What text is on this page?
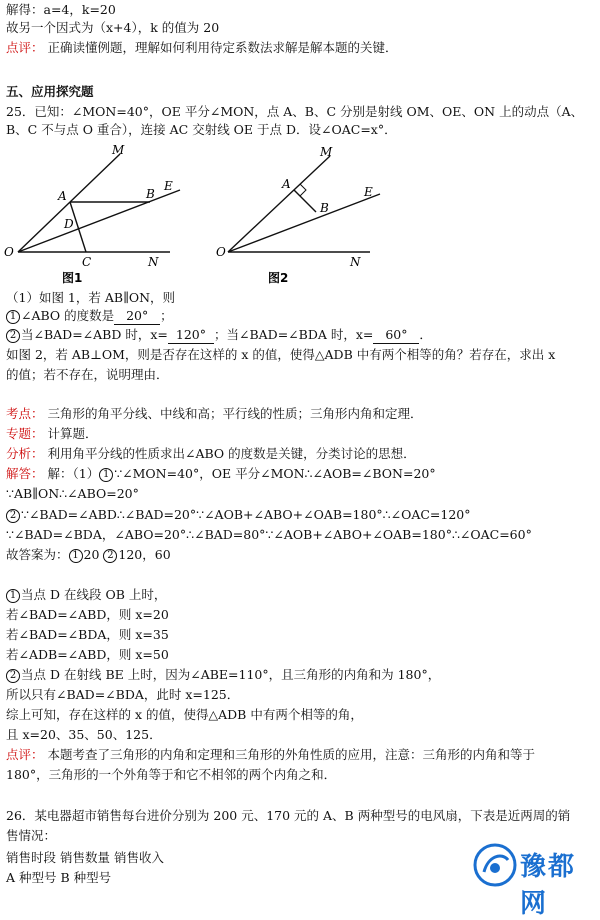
解得：a=4，k=20
故另一个因式为（x+4），k 的值为 20
点评： 正确读懂例题，理解如何利用待定系数法求解是解本题的关键．
五、应用探究题
25．已知：∠MON=40°，OE 平分∠MON，点 A、B、C 分别是射线 OM、OE、ON 上的动点（A、
B、C 不与点 O 重合），连接 AC 交射线 OE 于点 D．设∠OAC=x°．
M
A	B
E
D
O
C	N
图1
M
A
B
E
O
N
图2
（1）如图 1，若 AB∥ON，则
1 ∠ABO 的度数是 20° ；
2 当∠BAD=∠ABD 时，x= 120° ；当∠BAD=∠BDA 时，x= 60° ．
如图 2，若 AB⊥OM，则是否存在这样的 x 的值，使得△ADB 中有两个相等的角？若存在，求出 x
的值；若不存在，说明理由．
考点： 三角形的角平分线、中线和高；平行线的性质；三角形内角和定理．
专题： 计算题．
分析： 利用角平分线的性质求出∠ABO 的度数是关键，分类讨论的思想．
解答： 解：（1） 1 ∵∠MON=40°，OE 平分∠MON∴∠AOB=∠BON=20°
∵AB∥ON∴∠ABO=20°
2 ∵∠BAD=∠ABD∴∠BAD=20°∵∠AOB+∠ABO+∠OAB=180°∴∠OAC=120°
∵∠BAD=∠BDA，∠ABO=20°∴∠BAD=80°∵∠AOB+∠ABO+∠OAB=180°∴∠OAC=60°
故答案为： 1 20 2 120，60
1 当点 D 在线段 OB 上时，
若∠BAD=∠ABD，则 x=20
若∠BAD=∠BDA，则 x=35
若∠ADB=∠ABD，则 x=50
2 当点 D 在射线 BE 上时，因为∠ABE=110°，且三角形的内角和为 180°，
所以只有∠BAD=∠BDA，此时 x=125．
综上可知，存在这样的 x 的值，使得△ADB 中有两个相等的角，
且 x=20、35、50、125．
点评： 本题考查了三角形的内角和定理和三角形的外角性质的应用，注意：三角形的内角和等于
180°，三角形的一个外角等于和它不相邻的两个内角之和．
26．某电器超市销售每台进价分别为 200 元、170 元的 A、B 两种型号的电风扇，下表是近两周的销
售情况：
销售时段 销售数量 销售收入
A 种型号 B 种型号	豫都网
